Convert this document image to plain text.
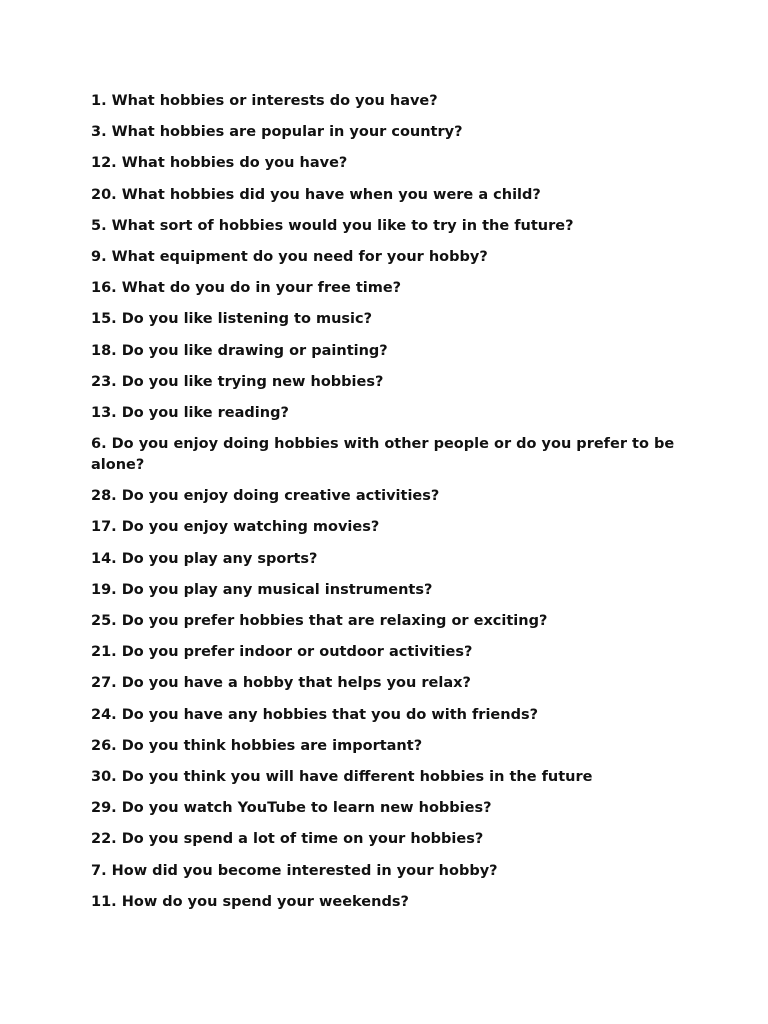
1. What hobbies or interests do you have?
3. What hobbies are popular in your country?
12. What hobbies do you have?
20. What hobbies did you have when you were a child?
5. What sort of hobbies would you like to try in the future?
9. What equipment do you need for your hobby?
16. What do you do in your free time?
15. Do you like listening to music?
18. Do you like drawing or painting?
23. Do you like trying new hobbies?
13. Do you like reading?
6. Do you enjoy doing hobbies with other people or do you prefer to be alone?
28. Do you enjoy doing creative activities?
17. Do you enjoy watching movies?
14. Do you play any sports?
19. Do you play any musical instruments?
25. Do you prefer hobbies that are relaxing or exciting?
21. Do you prefer indoor or outdoor activities?
27. Do you have a hobby that helps you relax?
24. Do you have any hobbies that you do with friends?
26. Do you think hobbies are important?
30. Do you think you will have different hobbies in the future
29. Do you watch YouTube to learn new hobbies?
22. Do you spend a lot of time on your hobbies?
7. How did you become interested in your hobby?
11. How do you spend your weekends?
